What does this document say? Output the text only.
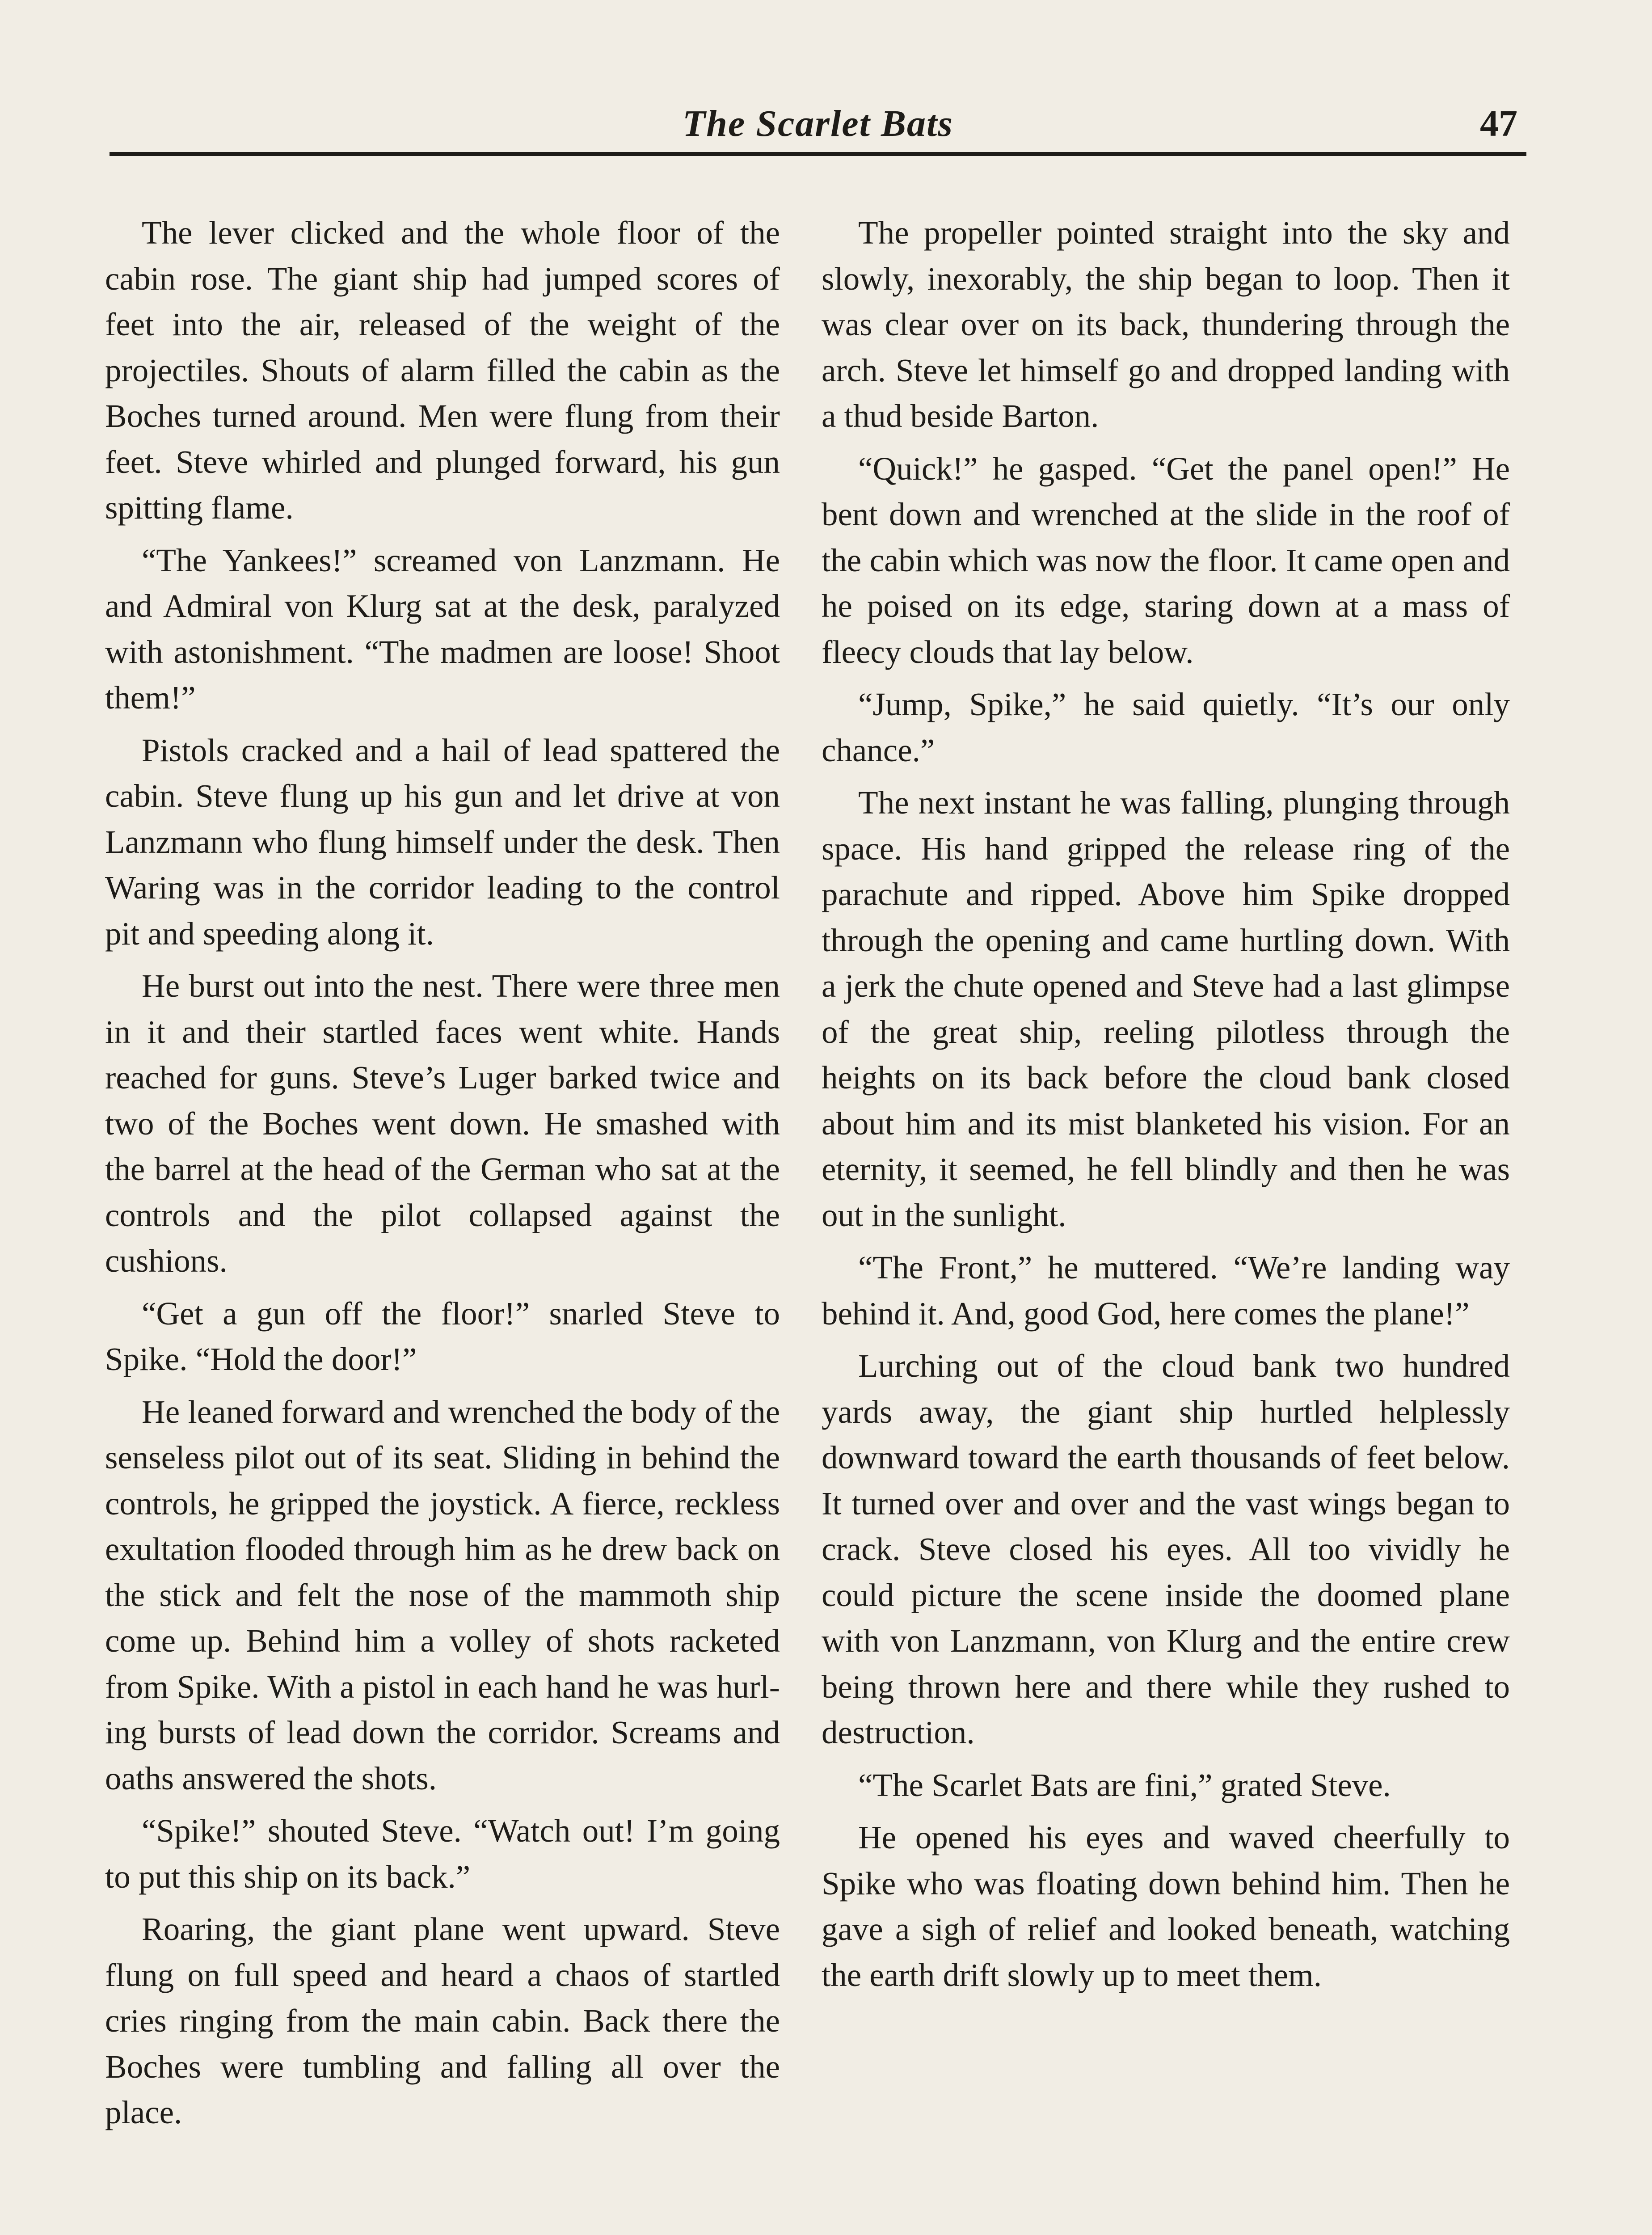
The Scarlet Bats	47

The lever clicked and the whole floor of the cabin rose. The giant ship had jumped scores of feet into the air, released of the weight of the projectiles. Shouts of alarm filled the cabin as the Boches turned around. Men were flung from their feet. Steve whirled and plunged forward, his gun spitting flame.

“The Yankees!” screamed von Lanzmann. He and Admiral von Klurg sat at the desk, paralyzed with astonishment. “The madmen are loose! Shoot them!”

Pistols cracked and a hail of lead spattered the cabin. Steve flung up his gun and let drive at von Lanzmann who flung himself under the desk. Then Waring was in the corridor leading to the control pit and speeding along it.

He burst out into the nest. There were three men in it and their startled faces went white. Hands reached for guns. Steve’s Luger barked twice and two of the Boches went down. He smashed with the barrel at the head of the German who sat at the controls and the pilot collapsed against the cushions.

“Get a gun off the floor!” snarled Steve to Spike. “Hold the door!”

He leaned forward and wrenched the body of the senseless pilot out of its seat. Sliding in behind the controls, he gripped the joystick. A fierce, reckless exultation flooded through him as he drew back on the stick and felt the nose of the mammoth ship come up. Behind him a volley of shots racketed from Spike. With a pistol in each hand he was hurling bursts of lead down the corridor. Screams and oaths answered the shots.

“Spike!” shouted Steve. “Watch out! I’m going to put this ship on its back.”

Roaring, the giant plane went upward. Steve flung on full speed and heard a chaos of startled cries ringing from the main cabin. Back there the Boches were tumbling and falling all over the place.

The propeller pointed straight into the sky and slowly, inexorably, the ship began to loop. Then it was clear over on its back, thundering through the arch. Steve let himself go and dropped landing with a thud beside Barton.

“Quick!” he gasped. “Get the panel open!” He bent down and wrenched at the slide in the roof of the cabin which was now the floor. It came open and he poised on its edge, staring down at a mass of fleecy clouds that lay below.

“Jump, Spike,” he said quietly. “It’s our only chance.”

The next instant he was falling, plunging through space. His hand gripped the release ring of the parachute and ripped. Above him Spike dropped through the opening and came hurtling down. With a jerk the chute opened and Steve had a last glimpse of the great ship, reeling pilotless through the heights on its back before the cloud bank closed about him and its mist blanketed his vision. For an eternity, it seemed, he fell blindly and then he was out in the sunlight.

“The Front,” he muttered. “We’re landing way behind it. And, good God, here comes the plane!”

Lurching out of the cloud bank two hundred yards away, the giant ship hurtled helplessly downward toward the earth thousands of feet below. It turned over and over and the vast wings began to crack. Steve closed his eyes. All too vividly he could picture the scene inside the doomed plane with von Lanzmann, von Klurg and the entire crew being thrown here and there while they rushed to destruction.

“The Scarlet Bats are fini,” grated Steve.

He opened his eyes and waved cheerfully to Spike who was floating down behind him. Then he gave a sigh of relief and looked beneath, watching the earth drift slowly up to meet them.
